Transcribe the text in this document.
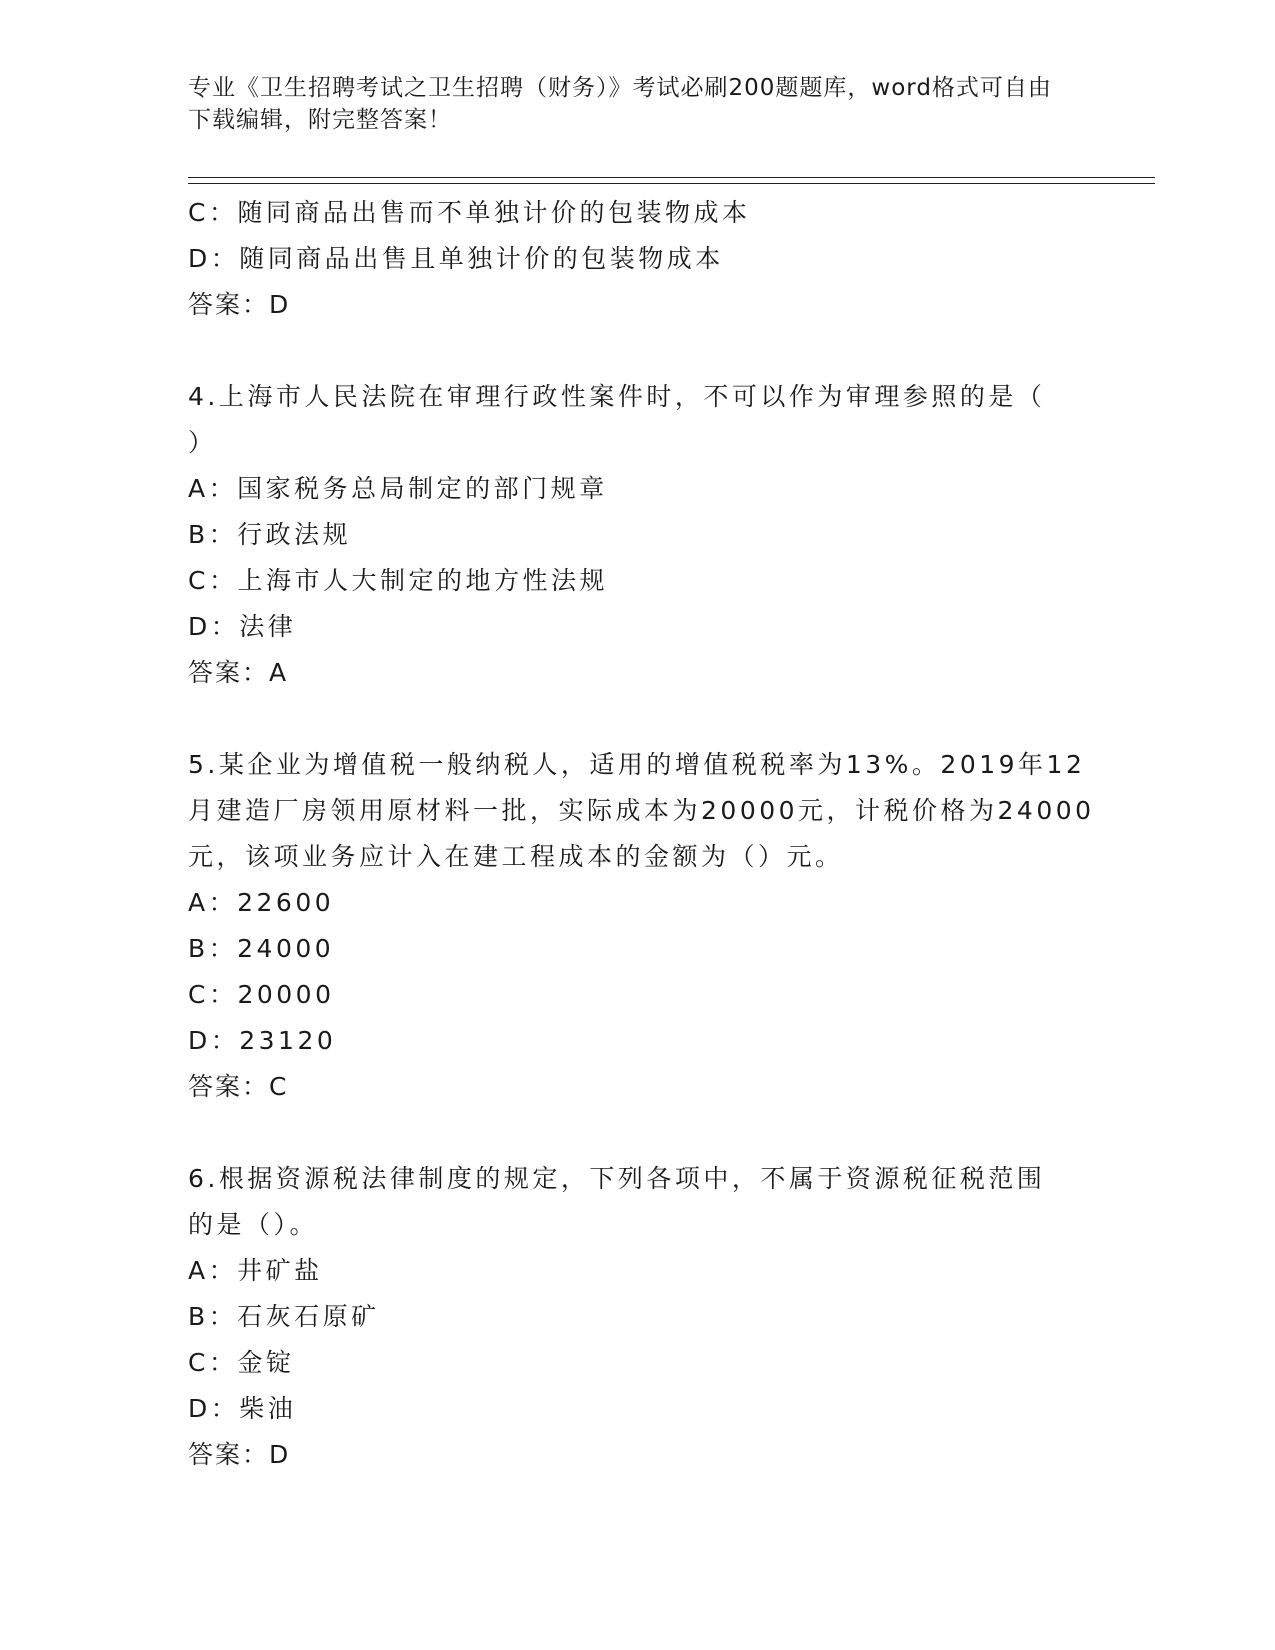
专业《卫生招聘考试之卫生招聘（财务）》考试必刷200题题库，word格式可自由下载编辑，附完整答案！
C：随同商品出售而不单独计价的包装物成本
D：随同商品出售且单独计价的包装物成本
答案：D
4.上海市人民法院在审理行政性案件时，不可以作为审理参照的是（
）
A：国家税务总局制定的部门规章
B：行政法规
C：上海市人大制定的地方性法规
D：法律
答案：A
5.某企业为增值税一般纳税人，适用的增值税税率为13%。2019年12
月建造厂房领用原材料一批，实际成本为20000元，计税价格为24000
元，该项业务应计入在建工程成本的金额为（）元。
A：22600
B：24000
C：20000
D：23120
答案：C
6.根据资源税法律制度的规定，下列各项中，不属于资源税征税范围
的是（）。
A：井矿盐
B：石灰石原矿
C：金锭
D：柴油
答案：D
